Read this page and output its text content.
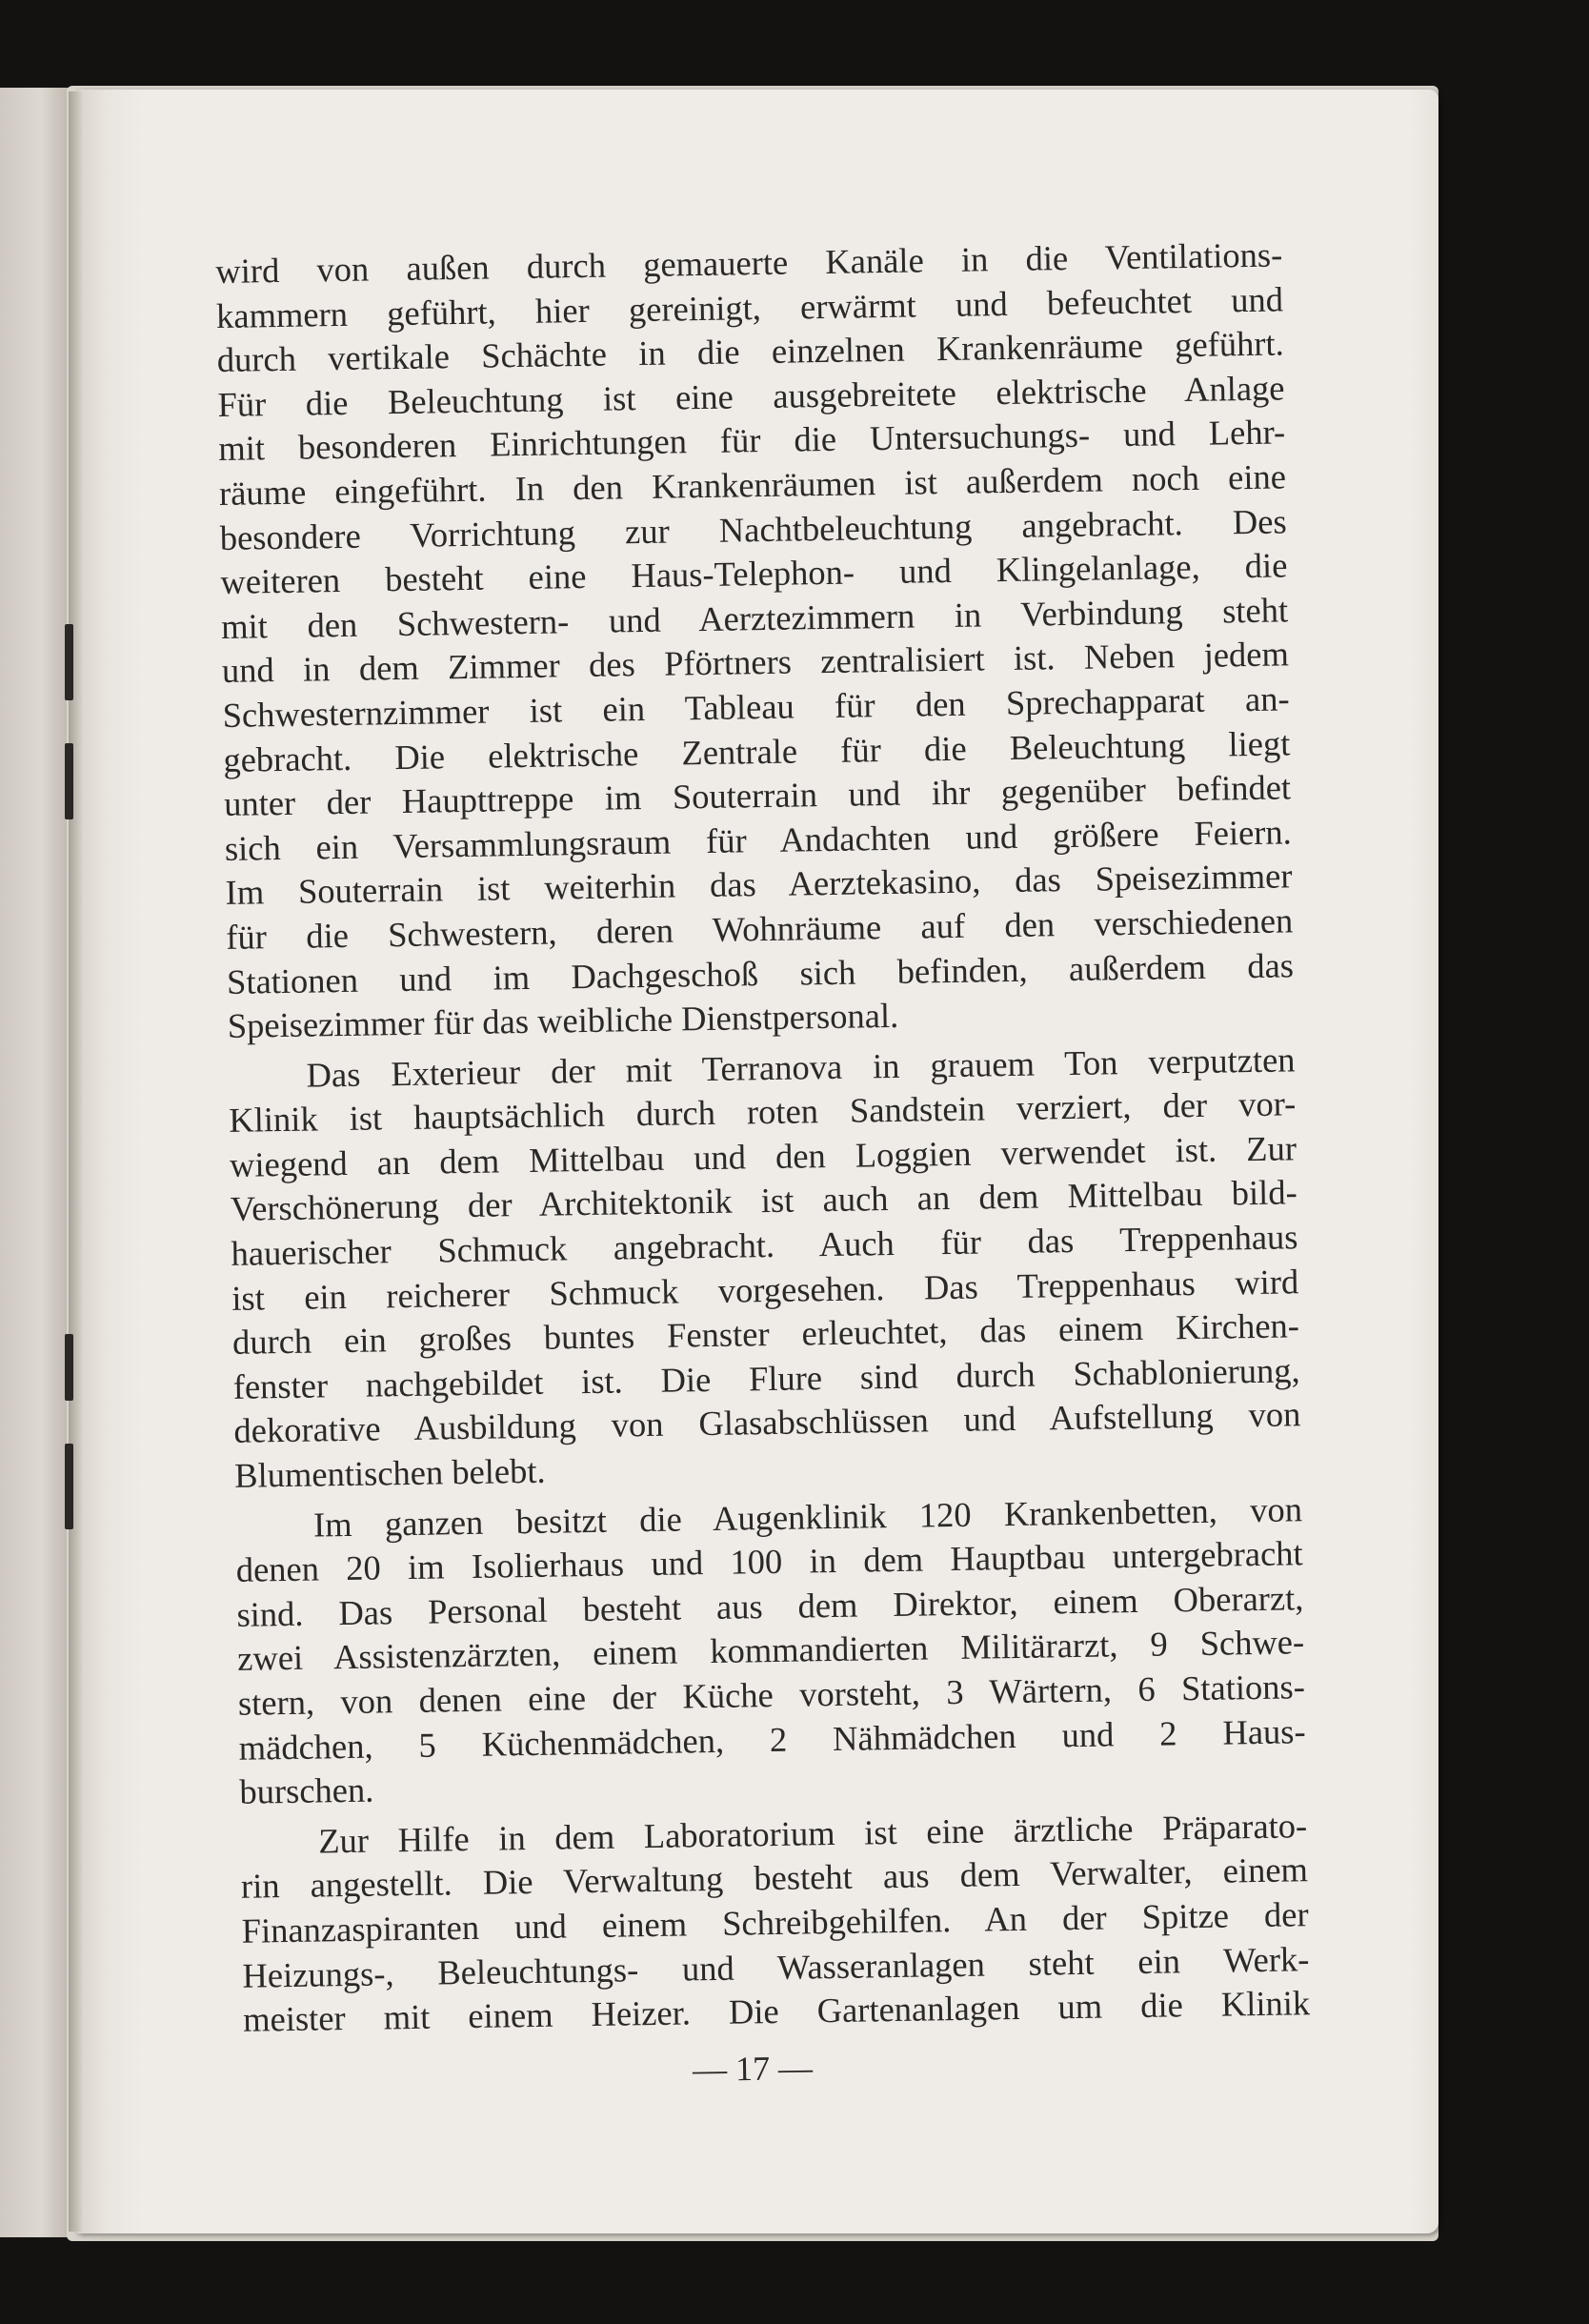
wird von außen durch gemauerte Kanäle in die Ventilations-
kammern geführt, hier gereinigt, erwärmt und befeuchtet und
durch vertikale Schächte in die einzelnen Krankenräume geführt.
Für die Beleuchtung ist eine ausgebreitete elektrische Anlage
mit besonderen Einrichtungen für die Untersuchungs- und Lehr-
räume eingeführt. In den Krankenräumen ist außerdem noch eine
besondere Vorrichtung zur Nachtbeleuchtung angebracht. Des
weiteren besteht eine Haus-Telephon- und Klingelanlage, die
mit den Schwestern- und Aerztezimmern in Verbindung steht
und in dem Zimmer des Pförtners zentralisiert ist. Neben jedem
Schwesternzimmer ist ein Tableau für den Sprechapparat an-
gebracht. Die elektrische Zentrale für die Beleuchtung liegt
unter der Haupttreppe im Souterrain und ihr gegenüber befindet
sich ein Versammlungsraum für Andachten und größere Feiern.
Im Souterrain ist weiterhin das Aerztekasino, das Speisezimmer
für die Schwestern, deren Wohnräume auf den verschiedenen
Stationen und im Dachgeschoß sich befinden, außerdem das
Speisezimmer für das weibliche Dienstpersonal.
Das Exterieur der mit Terranova in grauem Ton verputzten
Klinik ist hauptsächlich durch roten Sandstein verziert, der vor-
wiegend an dem Mittelbau und den Loggien verwendet ist. Zur
Verschönerung der Architektonik ist auch an dem Mittelbau bild-
hauerischer Schmuck angebracht. Auch für das Treppenhaus
ist ein reicherer Schmuck vorgesehen. Das Treppenhaus wird
durch ein großes buntes Fenster erleuchtet, das einem Kirchen-
fenster nachgebildet ist. Die Flure sind durch Schablonierung,
dekorative Ausbildung von Glasabschlüssen und Aufstellung von
Blumentischen belebt.
Im ganzen besitzt die Augenklinik 120 Krankenbetten, von
denen 20 im Isolierhaus und 100 in dem Hauptbau untergebracht
sind. Das Personal besteht aus dem Direktor, einem Oberarzt,
zwei Assistenzärzten, einem kommandierten Militärarzt, 9 Schwe-
stern, von denen eine der Küche vorsteht, 3 Wärtern, 6 Stations-
mädchen, 5 Küchenmädchen, 2 Nähmädchen und 2 Haus-
burschen.
Zur Hilfe in dem Laboratorium ist eine ärztliche Präparato-
rin angestellt. Die Verwaltung besteht aus dem Verwalter, einem
Finanzaspiranten und einem Schreibgehilfen. An der Spitze der
Heizungs-, Beleuchtungs- und Wasseranlagen steht ein Werk-
meister mit einem Heizer. Die Gartenanlagen um die Klinik
— 17 —
